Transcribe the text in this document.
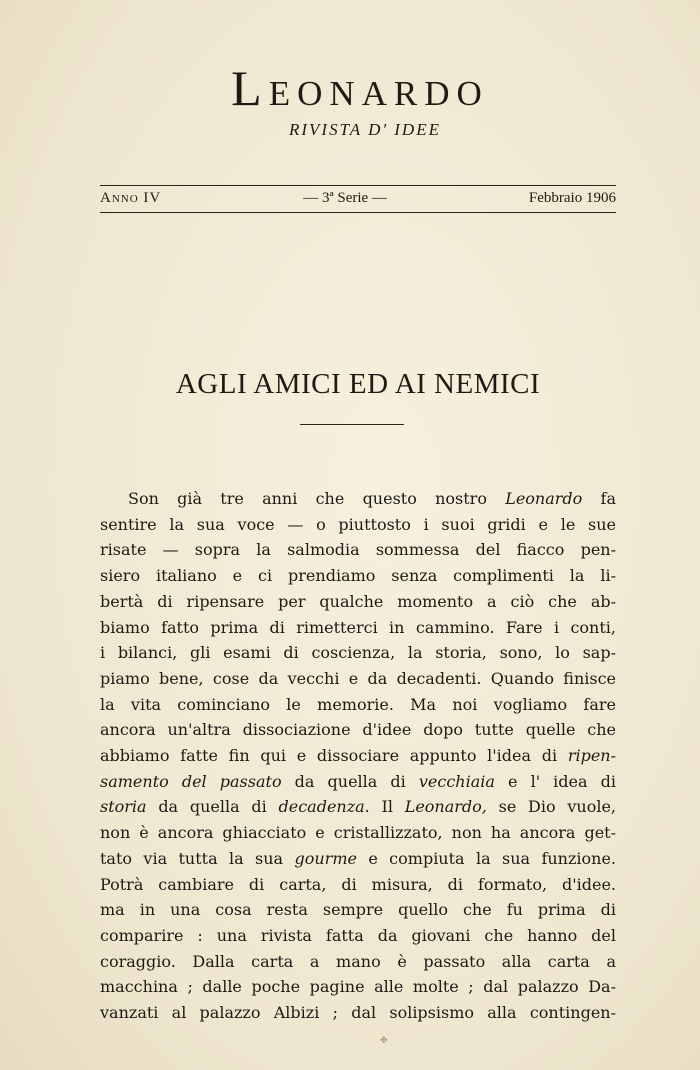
Leonardo
RIVISTA D' IDEE
Anno IV	— 3ª Serie —	Febbraio 1906
AGLI AMICI ED AI NEMICI
Son già tre anni che questo nostro Leonardo fa
sentire la sua voce — o piuttosto i suoi gridi e le sue
risate — sopra la salmodia sommessa del fiacco pen-
siero italiano e ci prendiamo senza complimenti la li-
bertà di ripensare per qualche momento a ciò che ab-
biamo fatto prima di rimetterci in cammino. Fare i conti,
i bilanci, gli esami di coscienza, la storia, sono, lo sap-
piamo bene, cose da vecchi e da decadenti. Quando finisce
la vita cominciano le memorie. Ma noi vogliamo fare
ancora un'altra dissociazione d'idee dopo tutte quelle che
abbiamo fatte fin qui e dissociare appunto l'idea di ripen-
samento del passato da quella di vecchiaia e l' idea di
storia da quella di decadenza. Il Leonardo, se Dio vuole,
non è ancora ghiacciato e cristallizzato, non ha ancora get-
tato via tutta la sua gourme e compiuta la sua funzione.
Potrà cambiare di carta, di misura, di formato, d'idee.
ma in una cosa resta sempre quello che fu prima di
comparire : una rivista fatta da giovani che hanno del
coraggio. Dalla carta a mano è passato alla carta a
macchina ; dalle poche pagine alle molte ; dal palazzo Da-
vanzati al palazzo Albizi ; dal solipsismo alla contingen-
✤
